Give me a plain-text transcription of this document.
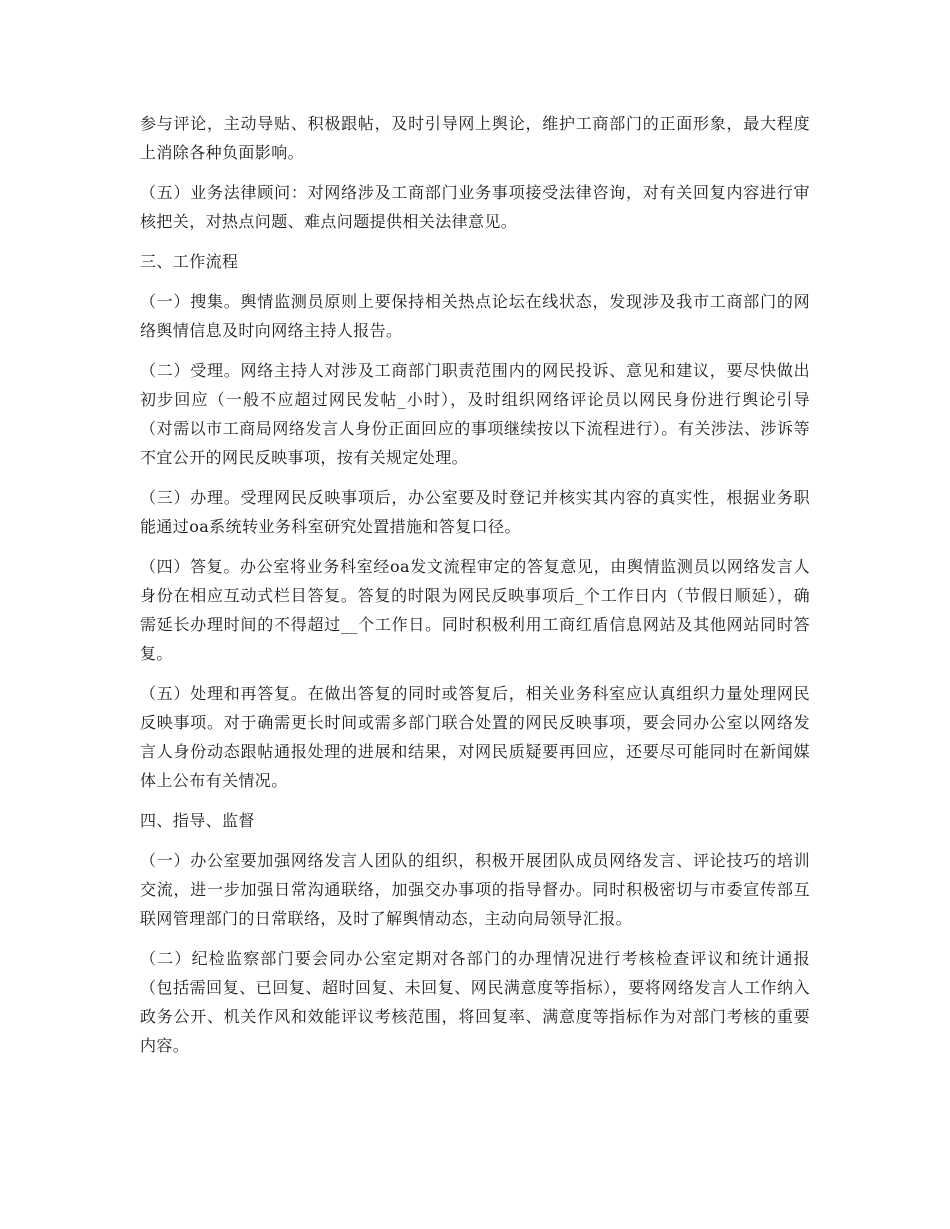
参与评论，主动导贴、积极跟帖，及时引导网上舆论，维护工商部门的正面形象，最大程度上消除各种负面影响。

（五）业务法律顾问：对网络涉及工商部门业务事项接受法律咨询，对有关回复内容进行审核把关，对热点问题、难点问题提供相关法律意见。

三、工作流程

（一）搜集。舆情监测员原则上要保持相关热点论坛在线状态，发现涉及我市工商部门的网络舆情信息及时向网络主持人报告。

（二）受理。网络主持人对涉及工商部门职责范围内的网民投诉、意见和建议，要尽快做出初步回应（一般不应超过网民发帖_小时），及时组织网络评论员以网民身份进行舆论引导（对需以市工商局网络发言人身份正面回应的事项继续按以下流程进行）。有关涉法、涉诉等不宜公开的网民反映事项，按有关规定处理。

（三）办理。受理网民反映事项后，办公室要及时登记并核实其内容的真实性，根据业务职能通过oa系统转业务科室研究处置措施和答复口径。

（四）答复。办公室将业务科室经oa发文流程审定的答复意见，由舆情监测员以网络发言人身份在相应互动式栏目答复。答复的时限为网民反映事项后_个工作日内（节假日顺延），确需延长办理时间的不得超过__个工作日。同时积极利用工商红盾信息网站及其他网站同时答复。

（五）处理和再答复。在做出答复的同时或答复后，相关业务科室应认真组织力量处理网民反映事项。对于确需更长时间或需多部门联合处置的网民反映事项，要会同办公室以网络发言人身份动态跟帖通报处理的进展和结果，对网民质疑要再回应，还要尽可能同时在新闻媒体上公布有关情况。

四、指导、监督

（一）办公室要加强网络发言人团队的组织，积极开展团队成员网络发言、评论技巧的培训交流，进一步加强日常沟通联络，加强交办事项的指导督办。同时积极密切与市委宣传部互联网管理部门的日常联络，及时了解舆情动态，主动向局领导汇报。

（二）纪检监察部门要会同办公室定期对各部门的办理情况进行考核检查评议和统计通报（包括需回复、已回复、超时回复、未回复、网民满意度等指标），要将网络发言人工作纳入政务公开、机关作风和效能评议考核范围，将回复率、满意度等指标作为对部门考核的重要内容。
